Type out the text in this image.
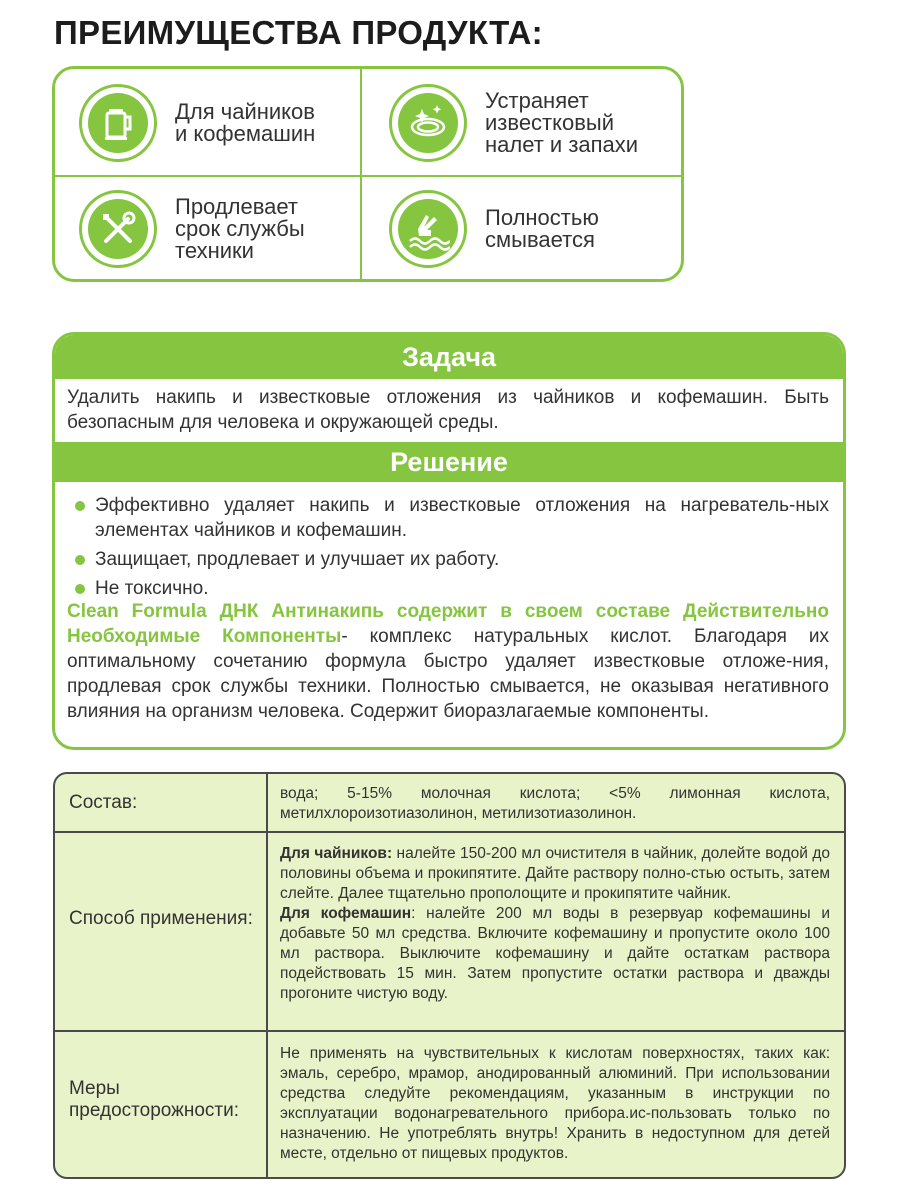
ПРЕИМУЩЕСТВА ПРОДУКТА:
Для чайников
и кофемашин
Устраняет
известковый
налет и запахи
Продлевает
срок службы
техники
Полностью
смывается
Задача
Удалить накипь и известковые отложения из чайников и кофемашин. Быть безопасным для человека и окружающей среды.
Решение
Эффективно удаляет накипь и известковые отложения на нагреватель-ных элементах чайников и кофемашин.
Защищает, продлевает и улучшает их работу.
Не токсично.
Clean Formula ДНК Антинакипь содержит в своем составе Действительно Необходимые Компоненты- комплекс натуральных кислот. Благодаря их оптимальному сочетанию формула быстро удаляет известковые отложе-ния, продлевая срок службы техники. Полностью смывается, не оказывая негативного влияния на организм человека. Содержит биоразлагаемые компоненты.
Состав:	вода; 5-15% молочная кислота; <5% лимонная кислота, метилхлороизотиазолинон, метилизотиазолинон.
Способ применения:
Для чайников: налейте 150-200 мл очистителя в чайник, долейте водой до половины объема и прокипятите. Дайте раствору полно-стью остыть, затем слейте. Далее тщательно прополощите и прокипятите чайник.
Для кофемашин: налейте 200 мл воды в резервуар кофемашины и добавьте 50 мл средства. Включите кофемашину и пропустите около 100 мл раствора. Выключите кофемашину и дайте остаткам раствора подействовать 15 мин. Затем пропустите остатки раствора и дважды прогоните чистую воду.
Меры предосторожности:
Не применять на чувствительных к кислотам поверхностях, таких как: эмаль, серебро, мрамор, анодированный алюминий. При использовании средства следуйте рекомендациям, указанным в инструкции по эксплуатации водонагревательного прибора.ис-пользовать только по назначению. Не употреблять внутрь! Хранить в недоступном для детей месте, отдельно от пищевых продуктов.
